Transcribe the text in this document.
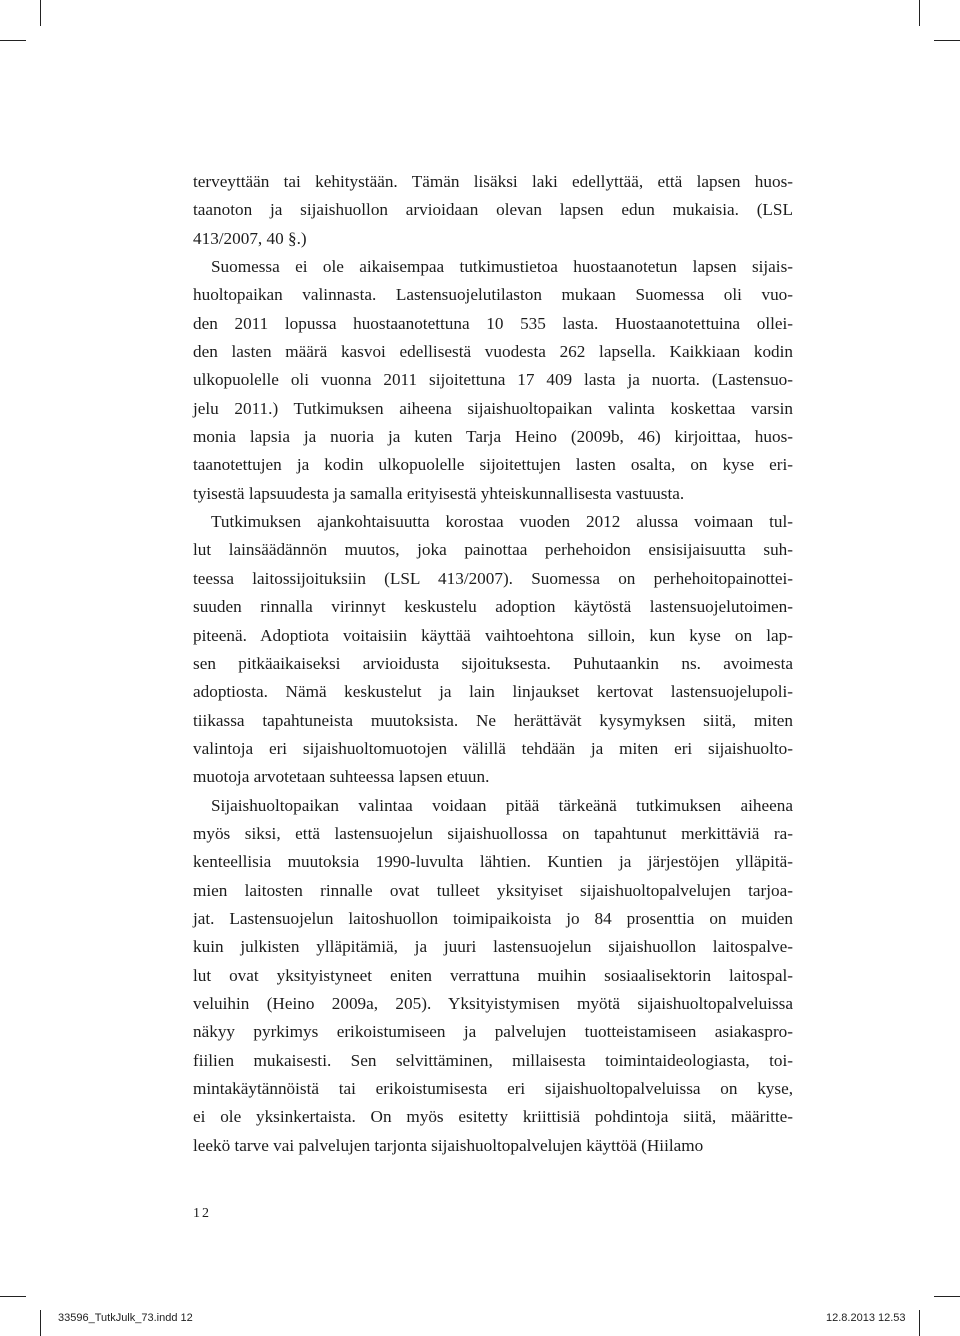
terveyttään tai kehitystään. Tämän lisäksi laki edellyttää, että lapsen huos-
taanoton ja sijaishuollon arvioidaan olevan lapsen edun mukaisia. (LSL
413/2007, 40 §.)
Suomessa ei ole aikaisempaa tutkimustietoa huostaanotetun lapsen sijais-
huoltopaikan valinnasta. Lastensuojelutilaston mukaan Suomessa oli vuo-
den 2011 lopussa huostaanotettuna 10 535 lasta. Huostaanotettuina ollei-
den lasten määrä kasvoi edellisestä vuodesta 262 lapsella. Kaikkiaan kodin
ulkopuolelle oli vuonna 2011 sijoitettuna 17 409 lasta ja nuorta. (Lastensuo-
jelu 2011.) Tutkimuksen aiheena sijaishuoltopaikan valinta koskettaa varsin
monia lapsia ja nuoria ja kuten Tarja Heino (2009b, 46) kirjoittaa, huos-
taanotettujen ja kodin ulkopuolelle sijoitettujen lasten osalta, on kyse eri-
tyisestä lapsuudesta ja samalla erityisestä yhteiskunnallisesta vastuusta.
Tutkimuksen ajankohtaisuutta korostaa vuoden 2012 alussa voimaan tul-
lut lainsäädännön muutos, joka painottaa perhehoidon ensisijaisuutta suh-
teessa laitossijoituksiin (LSL 413/2007). Suomessa on perhehoitopainottei-
suuden rinnalla virinnyt keskustelu adoption käytöstä lastensuojelutoimen-
piteenä. Adoptiota voitaisiin käyttää vaihtoehtona silloin, kun kyse on lap-
sen pitkäaikaiseksi arvioidusta sijoituksesta. Puhutaankin ns. avoimesta
adoptiosta. Nämä keskustelut ja lain linjaukset kertovat lastensuojelupoli-
tiikassa tapahtuneista muutoksista. Ne herättävät kysymyksen siitä, miten
valintoja eri sijaishuoltomuotojen välillä tehdään ja miten eri sijaishuolto-
muotoja arvotetaan suhteessa lapsen etuun.
Sijaishuoltopaikan valintaa voidaan pitää tärkeänä tutkimuksen aiheena
myös siksi, että lastensuojelun sijaishuollossa on tapahtunut merkittäviä ra-
kenteellisia muutoksia 1990-luvulta lähtien. Kuntien ja järjestöjen ylläpitä-
mien laitosten rinnalle ovat tulleet yksityiset sijaishuoltopalvelujen tarjoa-
jat. Lastensuojelun laitoshuollon toimipaikoista jo 84 prosenttia on muiden
kuin julkisten ylläpitämiä, ja juuri lastensuojelun sijaishuollon laitospalve-
lut ovat yksityistyneet eniten verrattuna muihin sosiaalisektorin laitospal-
veluihin (Heino 2009a, 205). Yksityistymisen myötä sijaishuoltopalveluissa
näkyy pyrkimys erikoistumiseen ja palvelujen tuotteistamiseen asiakaspro-
fiilien mukaisesti. Sen selvittäminen, millaisesta toimintaideologiasta, toi-
mintakäytännöistä tai erikoistumisesta eri sijaishuoltopalveluissa on kyse,
ei ole yksinkertaista. On myös esitetty kriittisiä pohdintoja siitä, määritte-
leekö tarve vai palvelujen tarjonta sijaishuoltopalvelujen käyttöä (Hiilamo
12
33596_TutkJulk_73.indd 12	12.8.2013 12.53
